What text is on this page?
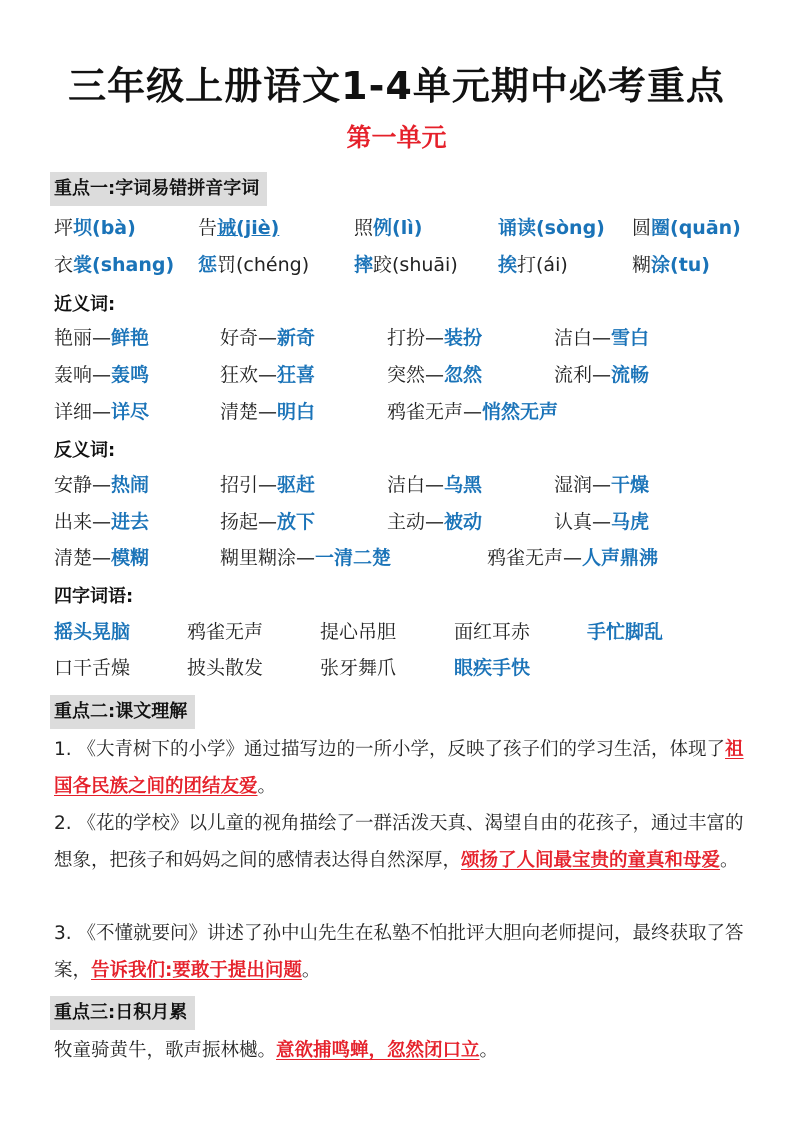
三年级上册语文1-4单元期中必考重点
第一单元
重点一:字词易错拼音字词
坪坝(bà)	告诫(jiè)	照例(lì)	诵读(sòng) 圆圈(quān)
衣裳(shang) 惩罚(chéng) 摔跤(shuāi) 挨打(ái)	糊涂(tu)
近义词:
艳丽—鲜艳	好奇—新奇	打扮—装扮	洁白—雪白
轰响—轰鸣	狂欢—狂喜	突然—忽然	流利—流畅
详细—详尽	清楚—明白	鸦雀无声—悄然无声
反义词:
安静—热闹	招引—驱赶	洁白—乌黑	湿润—干燥
出来—进去	扬起—放下	主动—被动	认真—马虎
清楚—模糊	糊里糊涂—一清二楚	鸦雀无声—人声鼎沸
四字词语:
摇头晃脑	鸦雀无声	提心吊胆	面红耳赤	手忙脚乱
口干舌燥	披头散发	张牙舞爪	眼疾手快
重点二:课文理解
1. 《大青树下的小学》通过描写边的一所小学，反映了孩子们的学习生活，体现了祖国各民族之间的团结友爱。
2. 《花的学校》以儿童的视角描绘了一群活泼天真、渴望自由的花孩子，通过丰富的想象，把孩子和妈妈之间的感情表达得自然深厚，颂扬了人间最宝贵的童真和母爱。
3. 《不懂就要问》讲述了孙中山先生在私塾不怕批评大胆向老师提问，最终获取了答案，告诉我们:要敢于提出问题。
重点三:日积月累
牧童骑黄牛，歌声振林樾。意欲捕鸣蝉，忽然闭口立。
